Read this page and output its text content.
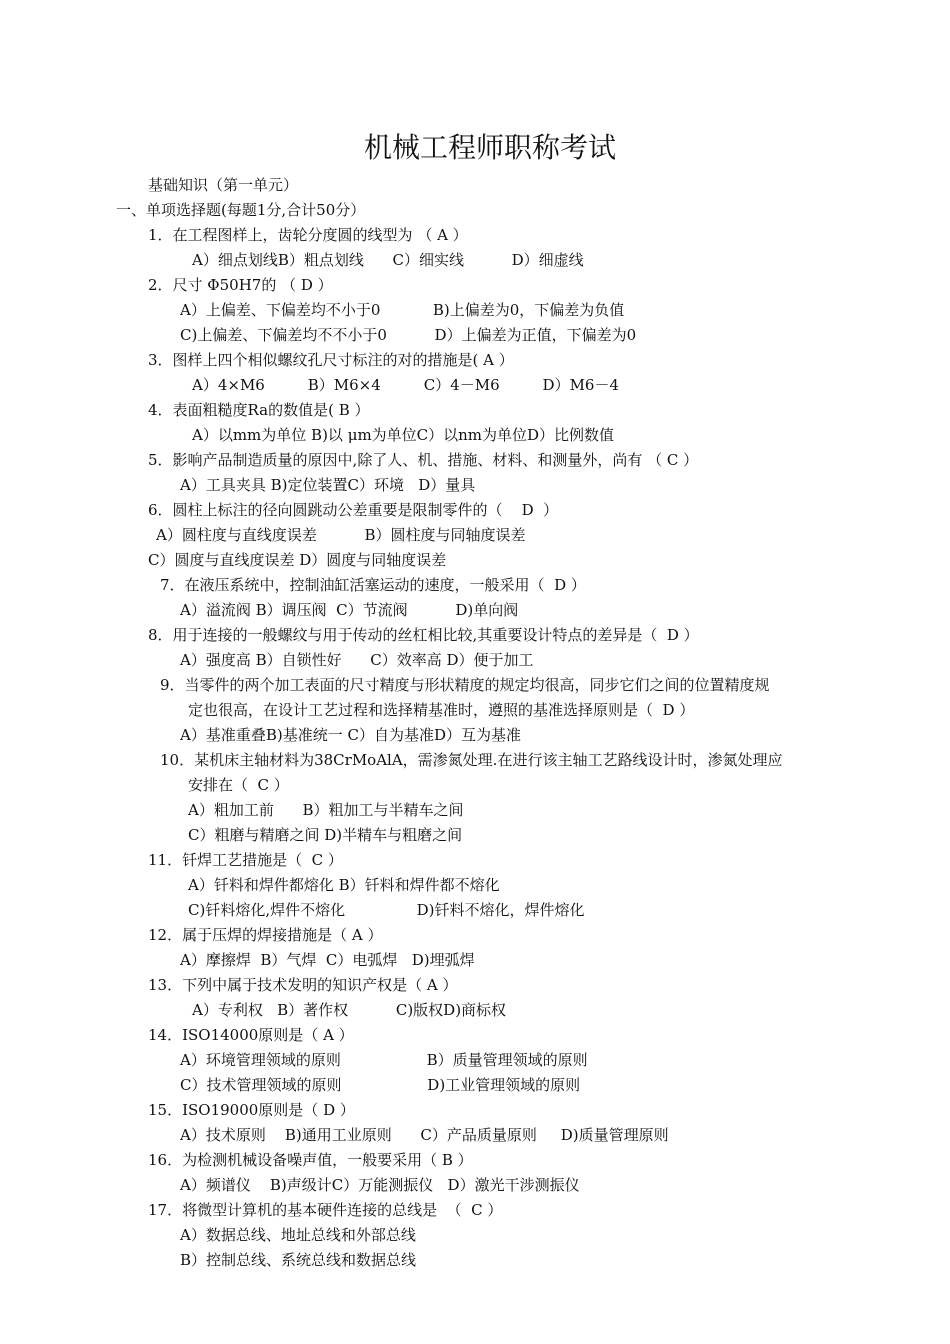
机械工程师职称考试
基础知识（第一单元）
一、单项选择题(每题1分,合计50分）
1．在工程图样上，齿轮分度圆的线型为 （ A ）
A）细点划线B）粗点划线      C）细实线          D）细虚线
2．尺寸 Φ50H7的 （ D ）
A）上偏差、下偏差均不小于0           B)上偏差为0，下偏差为负值
C)上偏差、下偏差均不不小于0          D）上偏差为正值，下偏差为0
3．图样上四个相似螺纹孔尺寸标注的对的措施是( A ）
A）4×M6         B）M6×4         C）4－M6         D）M6－4
4．表面粗糙度Ra的数值是( B ）
A）以mm为单位 B)以 μm为单位C）以nm为单位D）比例数值
5．影响产品制造质量的原因中,除了人、机、措施、材料、和测量外，尚有 （ C ）
A）工具夹具 B)定位装置C）环境   D）量具
6．圆柱上标注的径向圆跳动公差重要是限制零件的（    D  ）
A）圆柱度与直线度误差          B）圆柱度与同轴度误差
C）圆度与直线度误差 D）圆度与同轴度误差
7．在液压系统中，控制油缸活塞运动的速度，一般采用（  D ）
A）溢流阀 B）调压阀  C）节流阀          D)单向阀
8．用于连接的一般螺纹与用于传动的丝杠相比较,其重要设计特点的差异是（  D ）
A）强度高 B）自锁性好      C）效率高 D）便于加工
9．当零件的两个加工表面的尺寸精度与形状精度的规定均很高，同步它们之间的位置精度规
定也很高，在设计工艺过程和选择精基准时，遵照的基准选择原则是（  D ）
A）基准重叠B)基准统一 C）自为基准D）互为基准
10．某机床主轴材料为38CrMoAlA，需渗氮处理.在进行该主轴工艺路线设计时，渗氮处理应
安排在（  C ）
A）粗加工前      B）粗加工与半精车之间
C）粗磨与精磨之间 D)半精车与粗磨之间
11．钎焊工艺措施是（  C ）
A）钎料和焊件都熔化 B）钎料和焊件都不熔化
C)钎料熔化,焊件不熔化               D)钎料不熔化，焊件熔化
12．属于压焊的焊接措施是（ A ）
A）摩擦焊  B）气焊  C）电弧焊   D)埋弧焊
13．下列中属于技术发明的知识产权是（ A ）
A）专利权   B）著作权          C)版权D)商标权
14．ISO14000原则是（ A ）
A）环境管理领域的原则                  B）质量管理领域的原则
C）技术管理领域的原则                  D)工业管理领域的原则
15．ISO19000原则是（ D ）
A）技术原则    B)通用工业原则      C）产品质量原则     D)质量管理原则
16．为检测机械设备噪声值，一般要采用（ B ）
A）频谱仪    B)声级计C）万能测振仪   D）激光干涉测振仪
17．将微型计算机的基本硬件连接的总线是  （  C ）
A）数据总线、地址总线和外部总线
B）控制总线、系统总线和数据总线
